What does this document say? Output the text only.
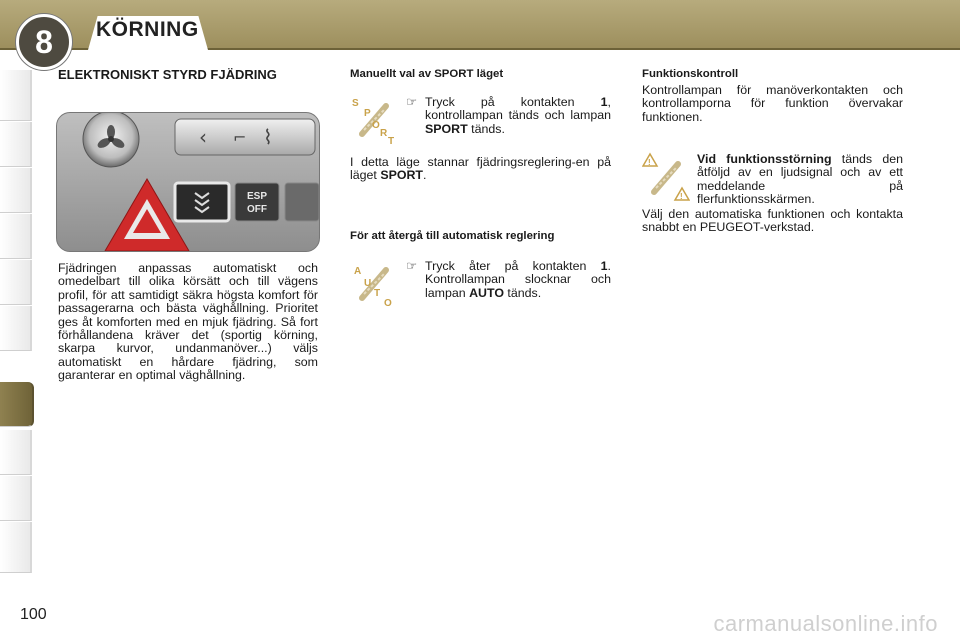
KÖRNING
8
ELEKTRONISKT STYRD FJÄDRING
‹ ⌐ ⌇
ESP
OFF
Fjädringen anpassas automatiskt och omedelbart till olika körsätt och till vägens profil, för att samtidigt säkra högsta komfort för passagerarna och bästa väghållning. Prioritet ges åt komforten med en mjuk fjädring. Så fort förhållandena kräver det (sportig körning, skarpa kurvor, undanmanöver...) väljs automatiskt en hårdare fjädring, som garanterar en optimal väghållning.
Manuellt val av SPORT läget
S
P
O
R
T
☞ Tryck på kontakten 1, kontrollampan tänds och lampan SPORT tänds.
I detta läge stannar fjädringsreglering-en på läget SPORT.
För att återgå till automatisk reglering
A
U
T
O
☞ Tryck åter på kontakten 1. Kontrollampan slocknar och lampan AUTO tänds.
Funktionskontroll
Kontrollampan för manöverkontakten och kontrollamporna för funktion övervakar funktionen.
!
!
Vid funktionsstörning tänds den åtföljd av en ljudsignal och av ett meddelande på flerfunktionsskärmen.
Välj den automatiska funktionen och kontakta snabbt en PEUGEOT-verkstad.
100	carmanualsonline.info
